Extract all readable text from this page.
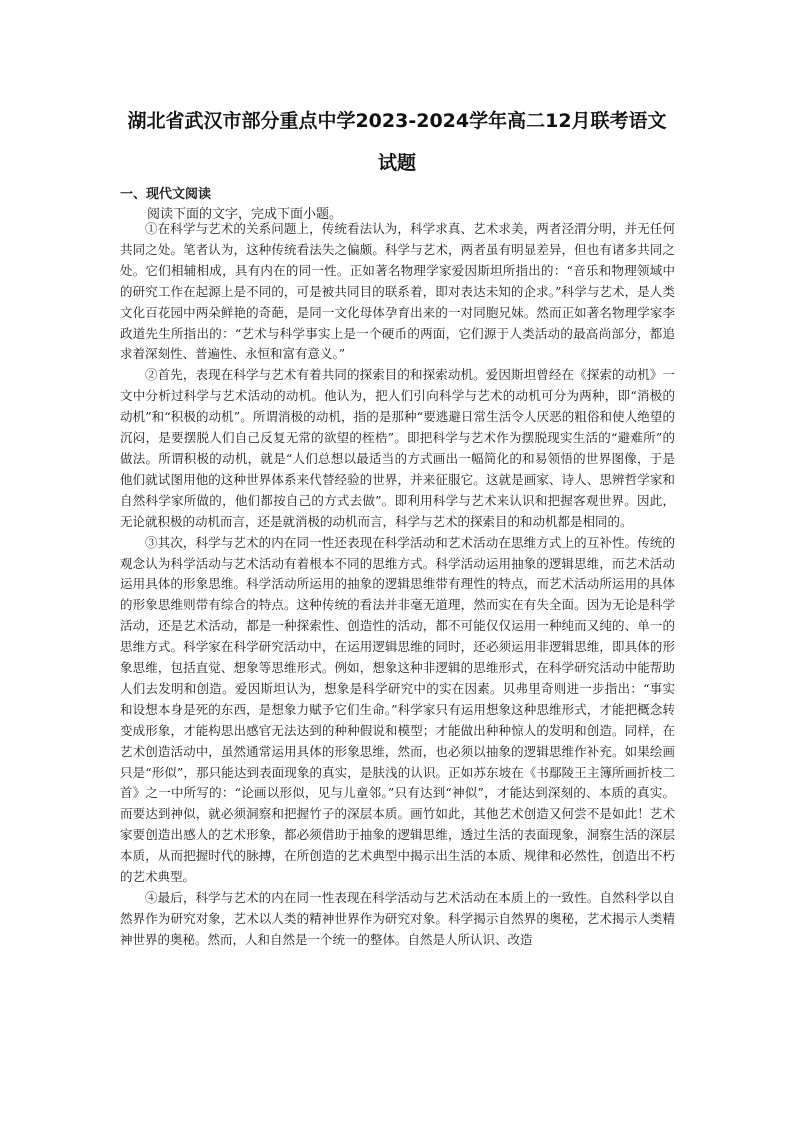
湖北省武汉市部分重点中学2023-2024学年高二12月联考语文
试题
一、现代文阅读
阅读下面的文字，完成下面小题。

①在科学与艺术的关系问题上，传统看法认为，科学求真、艺术求美，两者泾渭分明，并无任何共同之处。笔者认为，这种传统看法失之偏颇。科学与艺术，两者虽有明显差异，但也有诸多共同之处。它们相辅相成，具有内在的同一性。正如著名物理学家爱因斯坦所指出的：“音乐和物理领域中的研究工作在起源上是不同的，可是被共同目的联系着，即对表达未知的企求。”科学与艺术，是人类文化百花园中两朵鲜艳的奇葩，是同一文化母体孕育出来的一对同胞兄妹。然而正如著名物理学家李政道先生所指出的：“艺术与科学事实上是一个硬币的两面，它们源于人类活动的最高尚部分，都追求着深刻性、普遍性、永恒和富有意义。”

②首先，表现在科学与艺术有着共同的探索目的和探索动机。爱因斯坦曾经在《探索的动机》一文中分析过科学与艺术活动的动机。他认为，把人们引向科学与艺术的动机可分为两种，即“消极的动机”和“积极的动机”。所谓消极的动机，指的是那种“要逃避日常生活令人厌恶的粗俗和使人绝望的沉闷，是要摆脱人们自己反复无常的欲望的桎梏”。即把科学与艺术作为摆脱现实生活的“避难所”的做法。所谓积极的动机，就是“人们总想以最适当的方式画出一幅简化的和易领悟的世界图像，于是他们就试图用他的这种世界体系来代替经验的世界，并来征服它。这就是画家、诗人、思辨哲学家和自然科学家所做的，他们都按自己的方式去做”。即利用科学与艺术来认识和把握客观世界。因此，无论就积极的动机而言，还是就消极的动机而言，科学与艺术的探索目的和动机都是相同的。

③其次，科学与艺术的内在同一性还表现在科学活动和艺术活动在思维方式上的互补性。传统的观念认为科学活动与艺术活动有着根本不同的思维方式。科学活动运用抽象的逻辑思维，而艺术活动运用具体的形象思维。科学活动所运用的抽象的逻辑思维带有理性的特点，而艺术活动所运用的具体的形象思维则带有综合的特点。这种传统的看法并非毫无道理，然而实在有失全面。因为无论是科学活动，还是艺术活动，都是一种探索性、创造性的活动，都不可能仅仅运用一种纯而又纯的、单一的思维方式。科学家在科学研究活动中，在运用逻辑思维的同时，还必须运用非逻辑思维，即具体的形象思维，包括直觉、想象等思维形式。例如，想象这种非逻辑的思维形式，在科学研究活动中能帮助人们去发明和创造。爱因斯坦认为，想象是科学研究中的实在因素。贝弗里奇则进一步指出：“事实和设想本身是死的东西，是想象力赋予它们生命。”科学家只有运用想象这种思维形式，才能把概念转变成形象，才能构思出感官无法达到的种种假说和模型；才能做出种种惊人的发明和创造。同样，在艺术创造活动中，虽然通常运用具体的形象思维，然而，也必须以抽象的逻辑思维作补充。如果绘画只是“形似”，那只能达到表面现象的真实，是肤浅的认识。正如苏东坡在《书鄢陵王主簿所画折枝二首》之一中所写的：“论画以形似，见与儿童邻。”只有达到“神似”，才能达到深刻的、本质的真实。而要达到神似，就必须洞察和把握竹子的深层本质。画竹如此，其他艺术创造又何尝不是如此！艺术家要创造出感人的艺术形象，都必须借助于抽象的逻辑思维，透过生活的表面现象，洞察生活的深层本质，从而把握时代的脉搏，在所创造的艺术典型中揭示出生活的本质、规律和必然性，创造出不朽的艺术典型。

④最后，科学与艺术的内在同一性表现在科学活动与艺术活动在本质上的一致性。自然科学以自然界作为研究对象，艺术以人类的精神世界作为研究对象。科学揭示自然界的奥秘，艺术揭示人类精神世界的奥秘。然而，人和自然是一个统一的整体。自然是人所认识、改造
